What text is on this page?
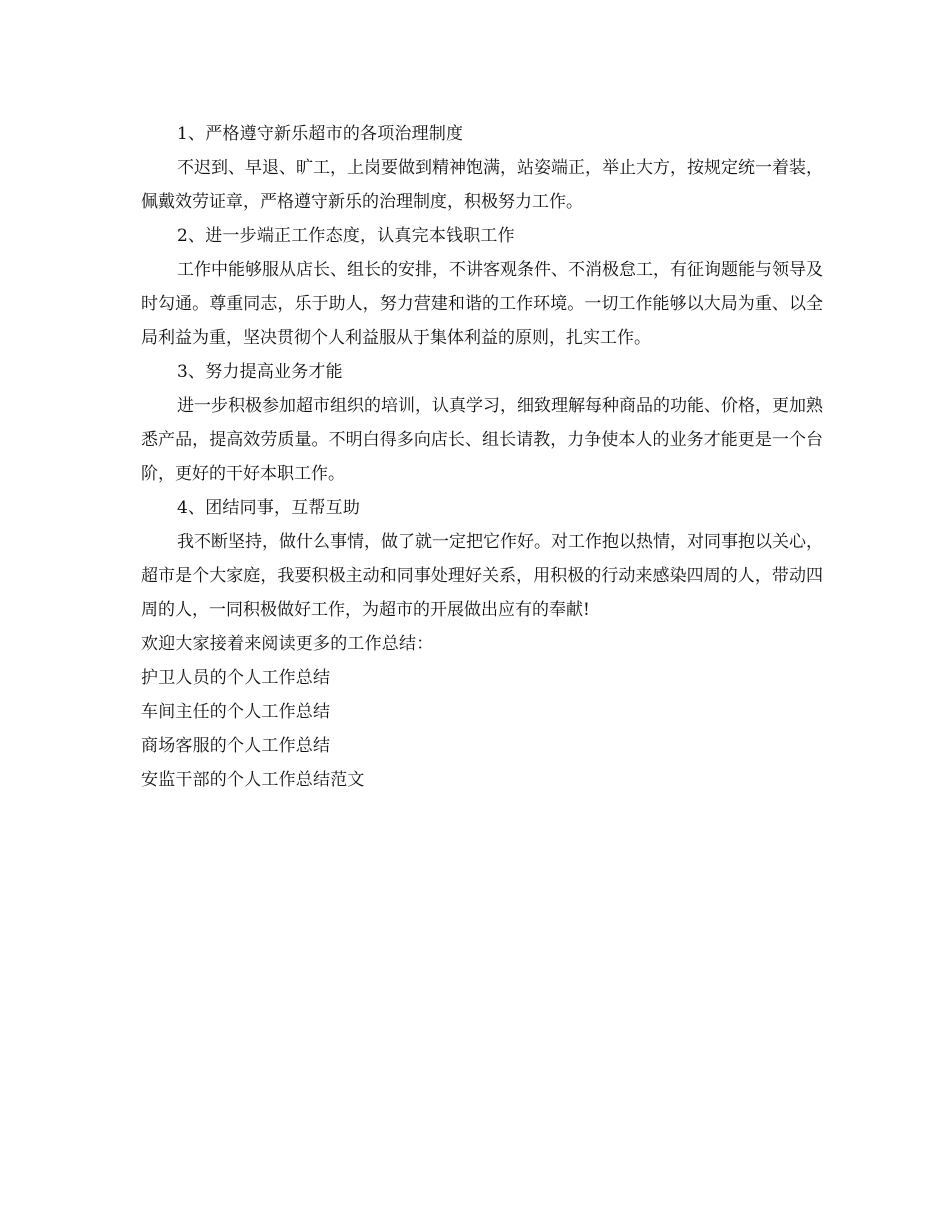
1、严格遵守新乐超市的各项治理制度

不迟到、早退、旷工，上岗要做到精神饱满，站姿端正，举止大方，按规定统一着装，佩戴效劳证章，严格遵守新乐的治理制度，积极努力工作。

2、进一步端正工作态度，认真完本钱职工作

工作中能够服从店长、组长的安排，不讲客观条件、不消极怠工，有征询题能与领导及时勾通。尊重同志，乐于助人，努力营建和谐的工作环境。一切工作能够以大局为重、以全局利益为重，坚决贯彻个人利益服从于集体利益的原则，扎实工作。

3、努力提高业务才能

进一步积极参加超市组织的培训，认真学习，细致理解每种商品的功能、价格，更加熟悉产品，提高效劳质量。不明白得多向店长、组长请教，力争使本人的业务才能更是一个台阶，更好的干好本职工作。

4、团结同事，互帮互助

我不断坚持，做什么事情，做了就一定把它作好。对工作抱以热情，对同事抱以关心，超市是个大家庭，我要积极主动和同事处理好关系，用积极的行动来感染四周的人，带动四周的人，一同积极做好工作，为超市的开展做出应有的奉献!

欢迎大家接着来阅读更多的工作总结：
护卫人员的个人工作总结
车间主任的个人工作总结
商场客服的个人工作总结
安监干部的个人工作总结范文
